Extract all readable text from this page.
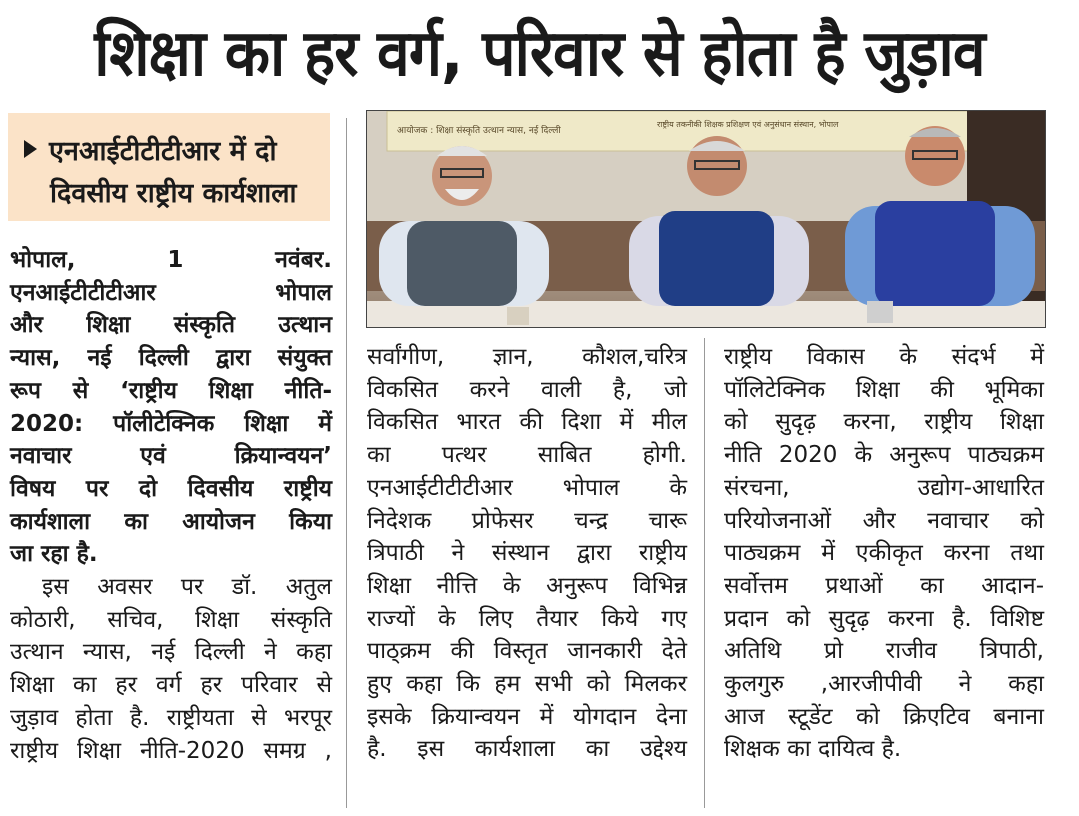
शिक्षा का हर वर्ग, परिवार से होता है जुड़ाव
एनआईटीटीटीआर में दो
दिवसीय राष्ट्रीय कार्यशाला
आयोजक : शिक्षा संस्कृति उत्थान न्यास, नई दिल्ली
राष्ट्रीय तकनीकी शिक्षक प्रशिक्षण एवं अनुसंधान संस्थान, भोपाल

भोपाल, 1 नवंबर.
एनआईटीटीटीआर भोपाल
और शिक्षा संस्कृति उत्थान
न्यास, नई दिल्ली द्वारा संयुक्त
रूप से ‘राष्ट्रीय शिक्षा नीति-
2020: पॉलीटेक्निक शिक्षा में
नवाचार एवं क्रियान्वयन’
विषय पर दो दिवसीय राष्ट्रीय
कार्यशाला का आयोजन किया
जा रहा है.

इस अवसर पर डॉ. अतुल
कोठारी, सचिव, शिक्षा संस्कृति
उत्थान न्यास, नई दिल्ली ने कहा
शिक्षा का हर वर्ग हर परिवार से
जुड़ाव होता है. राष्ट्रीयता से भरपूर
राष्ट्रीय शिक्षा नीति-2020 समग्र ,

सर्वांगीण, ज्ञान, कौशल,चरित्र
विकसित करने वाली है, जो
विकसित भारत की दिशा में मील
का पत्थर साबित होगी.
एनआईटीटीटीआर भोपाल के
निदेशक प्रोफेसर चन्द्र चारू
त्रिपाठी ने संस्थान द्वारा राष्ट्रीय
शिक्षा नीत्ति के अनुरूप विभिन्न
राज्यों के लिए तैयार किये गए
पाठ्क्रम की विस्तृत जानकारी देते
हुए कहा कि हम सभी को मिलकर
इसके क्रियान्वयन में योगदान देना
है. इस कार्यशाला का उद्देश्य
राष्ट्रीय विकास के संदर्भ में
पॉलिटेक्निक शिक्षा की भूमिका
को सुदृढ़ करना, राष्ट्रीय शिक्षा
नीति 2020 के अनुरूप पाठ्यक्रम
संरचना, उद्योग-आधारित
परियोजनाओं और नवाचार को
पाठ्यक्रम में एकीकृत करना तथा
सर्वोत्तम प्रथाओं का आदान-
प्रदान को सुदृढ़ करना है. विशिष्ट
अतिथि प्रो राजीव त्रिपाठी,
कुलगुरु ,आरजीपीवी ने कहा
आज स्टूडेंट को क्रिएटिव बनाना
शिक्षक का दायित्व है.
